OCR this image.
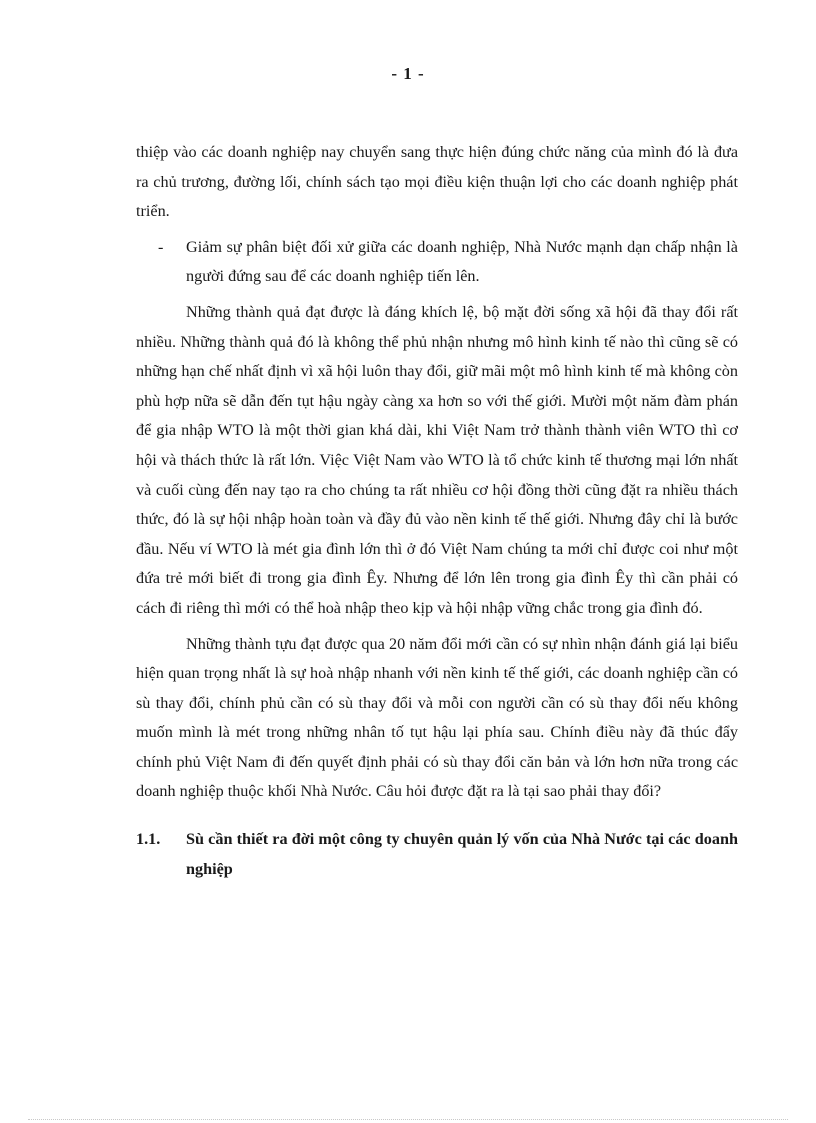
- 1 -

thiệp vào các doanh nghiệp nay chuyển sang thực hiện đúng chức năng của mình đó là đưa ra chủ trương, đường lối, chính sách tạo mọi điều kiện thuận lợi cho các doanh nghiệp phát triển.

- Giảm sự phân biệt đối xử giữa các doanh nghiệp, Nhà Nước mạnh dạn chấp nhận là người đứng sau để các doanh nghiệp tiến lên.

Những thành quả đạt được là đáng khích lệ, bộ mặt đời sống xã hội đã thay đổi rất nhiều. Những thành quả đó là không thể phủ nhận nhưng mô hình kinh tế nào thì cũng sẽ có những hạn chế nhất định vì xã hội luôn thay đổi, giữ mãi một mô hình kinh tế mà không còn phù hợp nữa sẽ dẫn đến tụt hậu ngày càng xa hơn so với thế giới. Mười một năm đàm phán để gia nhập WTO là một thời gian khá dài, khi Việt Nam trở thành thành viên WTO thì cơ hội và thách thức là rất lớn. Việc Việt Nam vào WTO là tổ chức kinh tế thương mại lớn nhất và cuối cùng đến nay tạo ra cho chúng ta rất nhiều cơ hội đồng thời cũng đặt ra nhiều thách thức, đó là sự hội nhập hoàn toàn và đầy đủ vào nền kinh tế thế giới. Nhưng đây chỉ là bước đầu. Nếu ví WTO là mét gia đình lớn thì ở đó Việt Nam chúng ta mới chỉ được coi như một đứa trẻ mới biết đi trong gia đình Êy. Nhưng để lớn lên trong gia đình Êy thì cần phải có cách đi riêng thì mới có thể hoà nhập theo kịp và hội nhập vững chắc trong gia đình đó.

Những thành tựu đạt được qua 20 năm đổi mới cần có sự nhìn nhận đánh giá lại biểu hiện quan trọng nhất là sự hoà nhập nhanh với nền kinh tế thế giới, các doanh nghiệp cần có sù thay đổi, chính phủ cần có sù thay đổi và mỗi con người cần có sù thay đổi nếu không muốn mình là mét trong những nhân tố tụt hậu lại phía sau. Chính điều này đã thúc đẩy chính phủ Việt Nam đi đến quyết định phải có sù thay đổi căn bản và lớn hơn nữa trong các doanh nghiệp thuộc khối Nhà Nước. Câu hỏi được đặt ra là tại sao phải thay đổi?

1.1. Sù cần thiết ra đời một công ty chuyên quản lý vốn của Nhà Nước tại các doanh nghiệp
